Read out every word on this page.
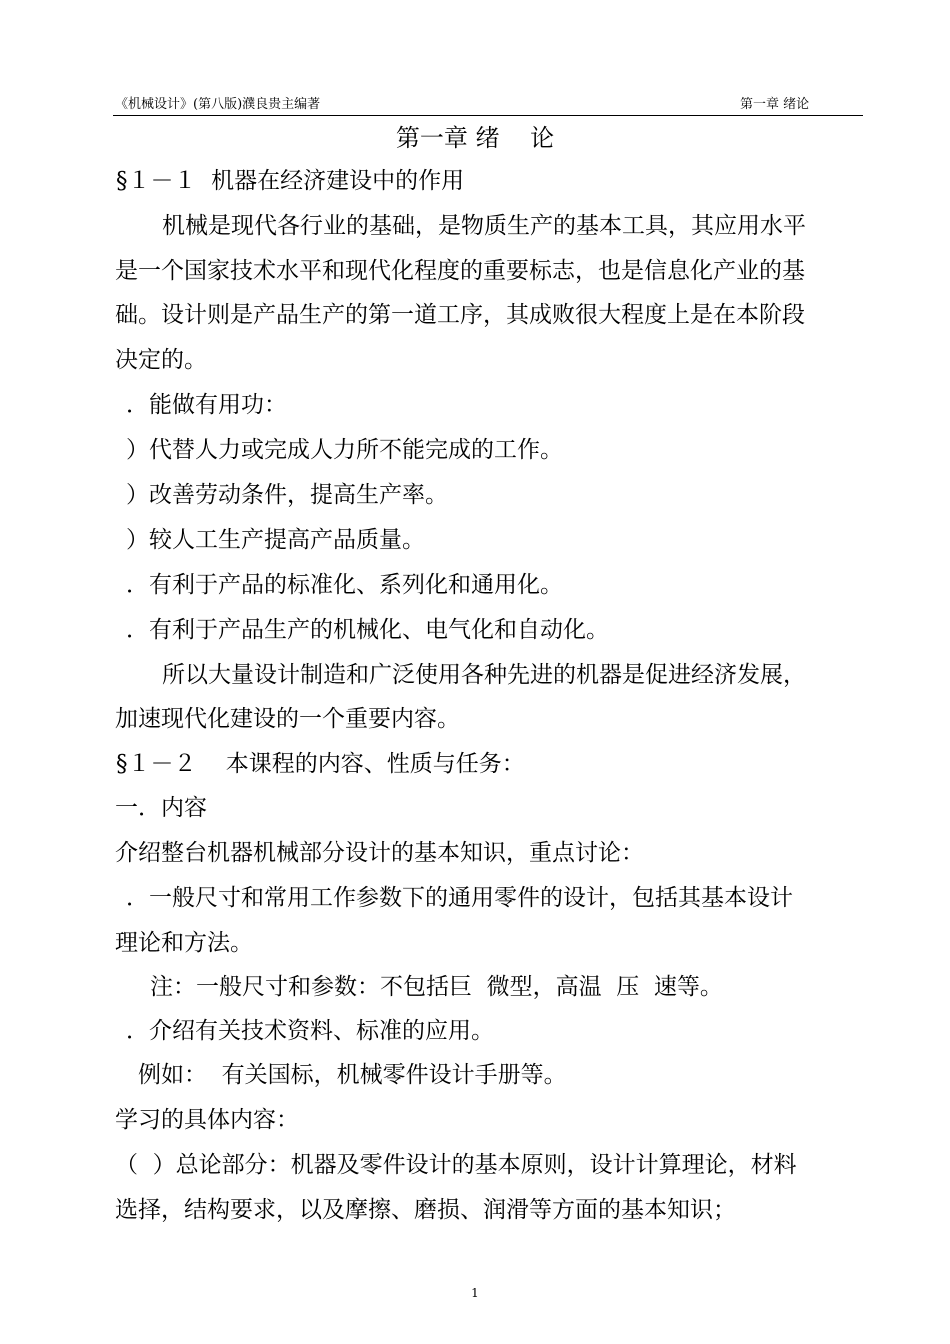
《机械设计》(第八版)濮良贵主编著	第一章 绪论
第一章 绪    论
§１－１  机器在经济建设中的作用
机械是现代各行业的基础，是物质生产的基本工具，其应用水平
是一个国家技术水平和现代化程度的重要标志，也是信息化产业的基
础。设计则是产品生产的第一道工序，其成败很大程度上是在本阶段
决定的。
．能做有用功：
）代替人力或完成人力所不能完成的工作。
）改善劳动条件，提高生产率。
）较人工生产提高产品质量。
．有利于产品的标准化、系列化和通用化。
．有利于产品生产的机械化、电气化和自动化。
所以大量设计制造和广泛使用各种先进的机器是促进经济发展，
加速现代化建设的一个重要内容。
§１－２    本课程的内容、性质与任务：
一．内容
介绍整台机器机械部分设计的基本知识，重点讨论：
．一般尺寸和常用工作参数下的通用零件的设计，包括其基本设计
理论和方法。
注：一般尺寸和参数：不包括巨  微型，高温  压  速等。
．介绍有关技术资料、标准的应用。
例如：  有关国标，机械零件设计手册等。
学习的具体内容：
（  ）总论部分：机器及零件设计的基本原则，设计计算理论，材料
选择，结构要求，以及摩擦、磨损、润滑等方面的基本知识；
1
